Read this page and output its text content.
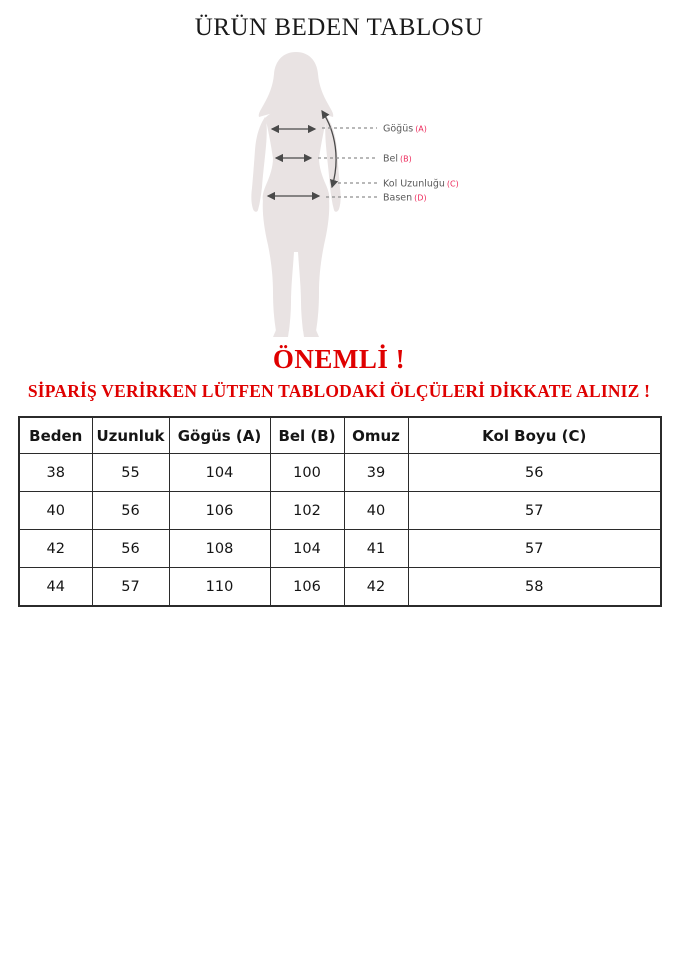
ÜRÜN BEDEN TABLOSU
Göğüs (A)
Bel (B)
Kol Uzunluğu (C)
Basen (D)
ÖNEMLİ !
SİPARİŞ VERİRKEN LÜTFEN TABLODAKİ ÖLÇÜLERİ DİKKATE ALINIZ !
Beden	Uzunluk	Gögüs (A)	Bel (B)	Omuz	Kol Boyu (C)
38	55	104	100	39	56
40	56	106	102	40	57
42	56	108	104	41	57
44	57	110	106	42	58
